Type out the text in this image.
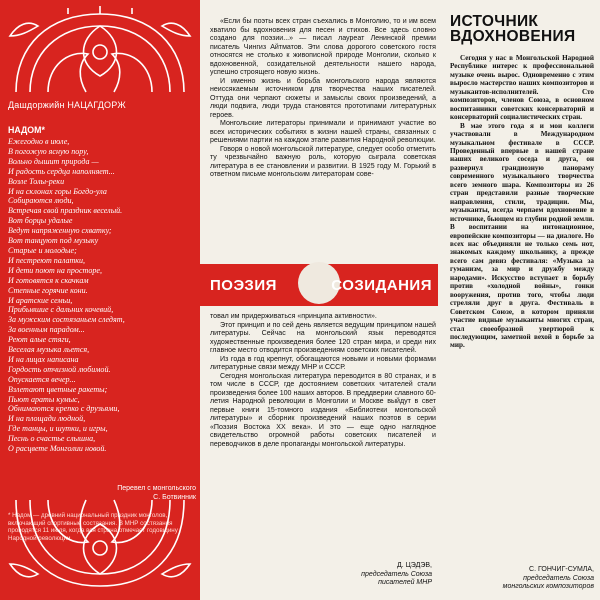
Дашдоржийн НАЦАГДОРЖ
НАДОМ*
Ежегодно в июле,
В погожую ясную пору,
Вольно дышит природа —
И радость сердца наполняет...
Возле Толы-реки
И на склонах горы Богдо-ула
Собираются люди,
Встречая свой праздник веселый.
Вот борцы удалые
Ведут напряженную схватку;
Вот танцуют под музыку
Старые и молодые;
И пестреют палатки,
И дети поют на просторе,
И готовятся к скачкам
Степные горячие кони.
И аратские семьи,
Прибывшие с дальних кочевий,
За мужским состязаньем следят,
За военным парадом...
Реют алые стяги,
Веселая музыка льется,
И на лицах написана
Гордость отчизной любимой.
Опускается вечер...
Взлетают цветные ракеты;
Пьют араты кумыс,
Обнимаются крепко с друзьями,
И на площади людной,
Где танцы, и шутки, и игры,
Песнь о счастье слышна,
О расцвете Монголии новой.
Перевел с монгольского
С. Ботвинник
* Надом — древний национальный праздник монголов, включающий спортивные состязания. В МНР состязания проводятся 11 июля, когда вся страна отмечает годовщину Народной революции.

«Если бы поэты всех стран съехались в Монголию, то и им всем хватило бы вдохновения для песен и стихов. Все здесь словно создано для поэзии...» — писал лауреат Ленинской премии писатель Чингиз Айтматов. Эти слова дорогого советского гостя относятся не столько к живописной природе Монголии, сколько к вдохновенной, созидательной деятельности нашего народа, успешно строящего новую жизнь.

И именно жизнь и борьба монгольского народа являются неиссякаемым источником для творчества наших писателей. Оттуда они черпают сюжеты и замыслы своих произведений, а люди подвига, люди труда становятся прототипами литературных героев.

Монгольские литераторы принимали и принимают участие во всех исторических событиях в жизни нашей страны, связанных с решениями партии на каждом этапе развития Народной революции.

Говоря о новой монгольской литературе, следует особо отметить ту чрезвычайно важную роль, которую сыграла советская литература в ее становлении и развитии. В 1925 году М. Горький в ответном письме монгольским литераторам сове-

ПОЭЗИЯ	СОЗИДАНИЯ

товал им придерживаться «принципа активности».

Этот принцип и по сей день является ведущим принципом нашей литературы. Сейчас на монгольский язык переводятся художественные произведения более 120 стран мира, и среди них главное место отводится произведениям советских писателей.

Из года в год крепнут, обогащаются новыми и новыми формами литературные связи между МНР и СССР.

Сегодня монгольская литература переводится в 80 странах, и в том числе в СССР, где достоянием советских читателей стали произведения более 100 наших авторов. В преддверии славного 60-летия Народной революции в Монголии и Москве выйдут в свет первые книги 15-томного издания «Библиотеки монгольской литературы» и сборник произведений наших поэтов в серии «Поэзия Востока XX века». И это — еще одно наглядное свидетельство огромной работы советских писателей и переводчиков в деле пропаганды монгольской литературы.

Д. ЦЭДЭВ,
председатель Союза
писателей МНР
ИСТОЧНИК
ВДОХНОВЕНИЯ

Сегодня у нас в Монгольской Народной Республике интерес к профессиональной музыке очень вырос. Одновременно с этим выросло мастерство наших композиторов и музыкантов-исполнителей. Сто композиторов, членов Союза, в основном воспитанники советских консерваторий и консерваторий социалистических стран.

В мае этого года я и мои коллеги участвовали в Международном музыкальном фестивале в СССР. Проведенный впервые в нашей стране наших великого соседа и друга, он развернул грандиозную панораму современного музыкального творчества всего земного шара. Композиторы из 26 стран представили разные творческие направления, стили, традиции. Мы, музыканты, всегда черпаем вдохновение в источнике, бьющем из глубин родной земли. В воспитании на интонационное, европейские композиторы — на диалоге. Но всех нас объединяли не только семь нот, знакомых каждому школьнику, а прежде всего сам девиз фестиваля: «Музыка за гуманизм, за мир и дружбу между народами». Искусство вступает в борьбу против «холодной войны», гонки вооружения, против того, чтобы люди стреляли друг в друга. Фестиваль в Советском Союзе, в котором приняли участие видные музыканты многих стран, стал своеобразной увертюрой к последующим, заметной вехой в борьбе за мир.

С. ГОНЧИГ-СУМЛА,
председатель Союза
монгольских композиторов
